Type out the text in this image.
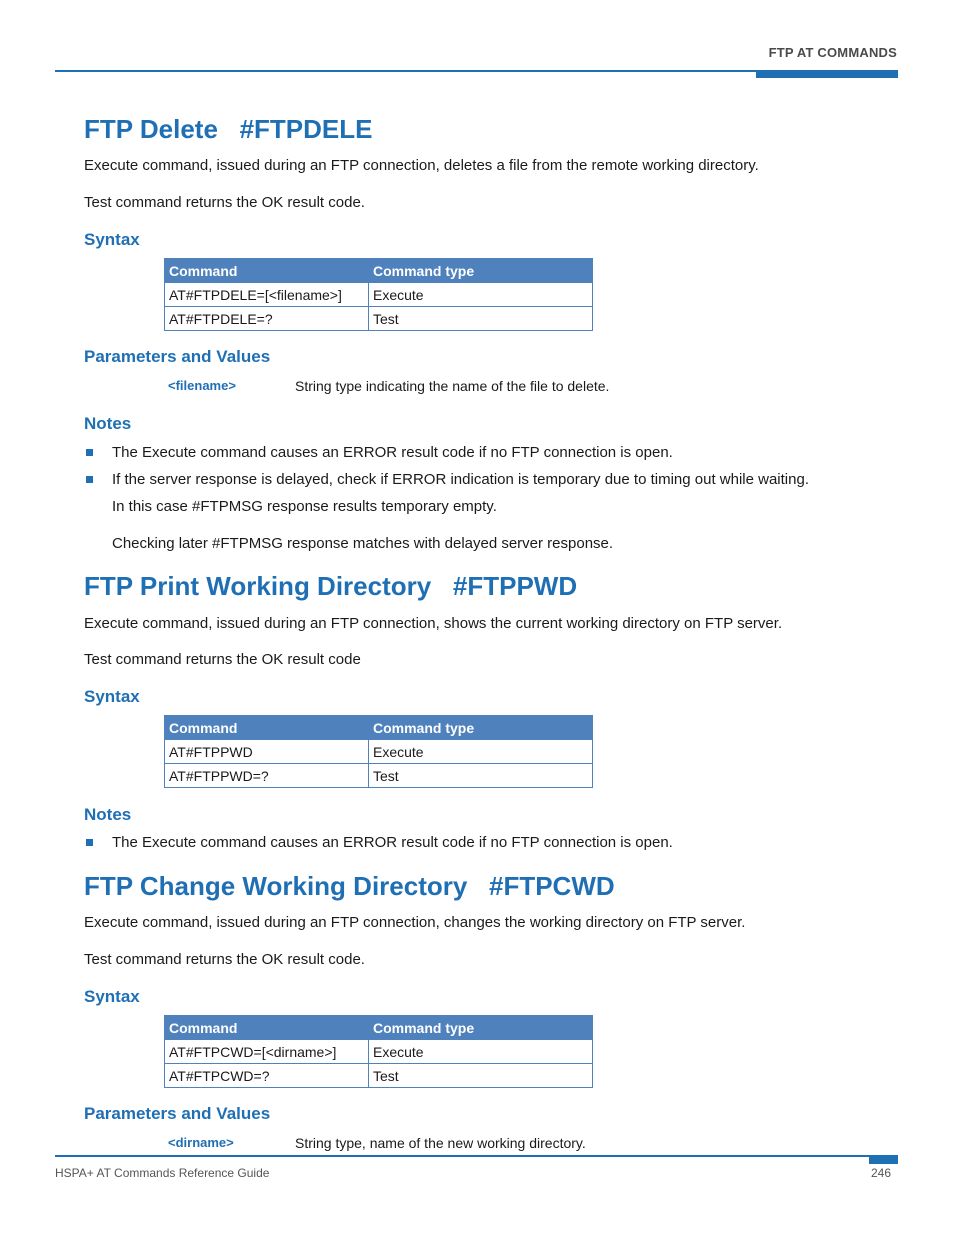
FTP AT COMMANDS
FTP Delete   #FTPDELE

Execute command, issued during an FTP connection, deletes a file from the remote working directory.

Test command returns the OK result code.

Syntax
Command	Command type
AT#FTPDELE=[<filename>]	Execute
AT#FTPDELE=?	Test
Parameters and Values
<filename>	String type indicating the name of the file to delete.
Notes

The Execute command causes an ERROR result code if no FTP connection is open.

If the server response is delayed, check if ERROR indication is temporary due to timing out while waiting.

In this case #FTPMSG response results temporary empty.

Checking later #FTPMSG response matches with delayed server response.

FTP Print Working Directory   #FTPPWD

Execute command, issued during an FTP connection, shows the current working directory on FTP server.

Test command returns the OK result code

Syntax
Command	Command type
AT#FTPPWD	Execute
AT#FTPPWD=?	Test
Notes

The Execute command causes an ERROR result code if no FTP connection is open.

FTP Change Working Directory   #FTPCWD

Execute command, issued during an FTP connection, changes the working directory on FTP server.

Test command returns the OK result code.

Syntax
Command	Command type
AT#FTPCWD=[<dirname>]	Execute
AT#FTPCWD=?	Test
Parameters and Values
<dirname>	String type, name of the new working directory.
HSPA+ AT Commands Reference Guide	246
